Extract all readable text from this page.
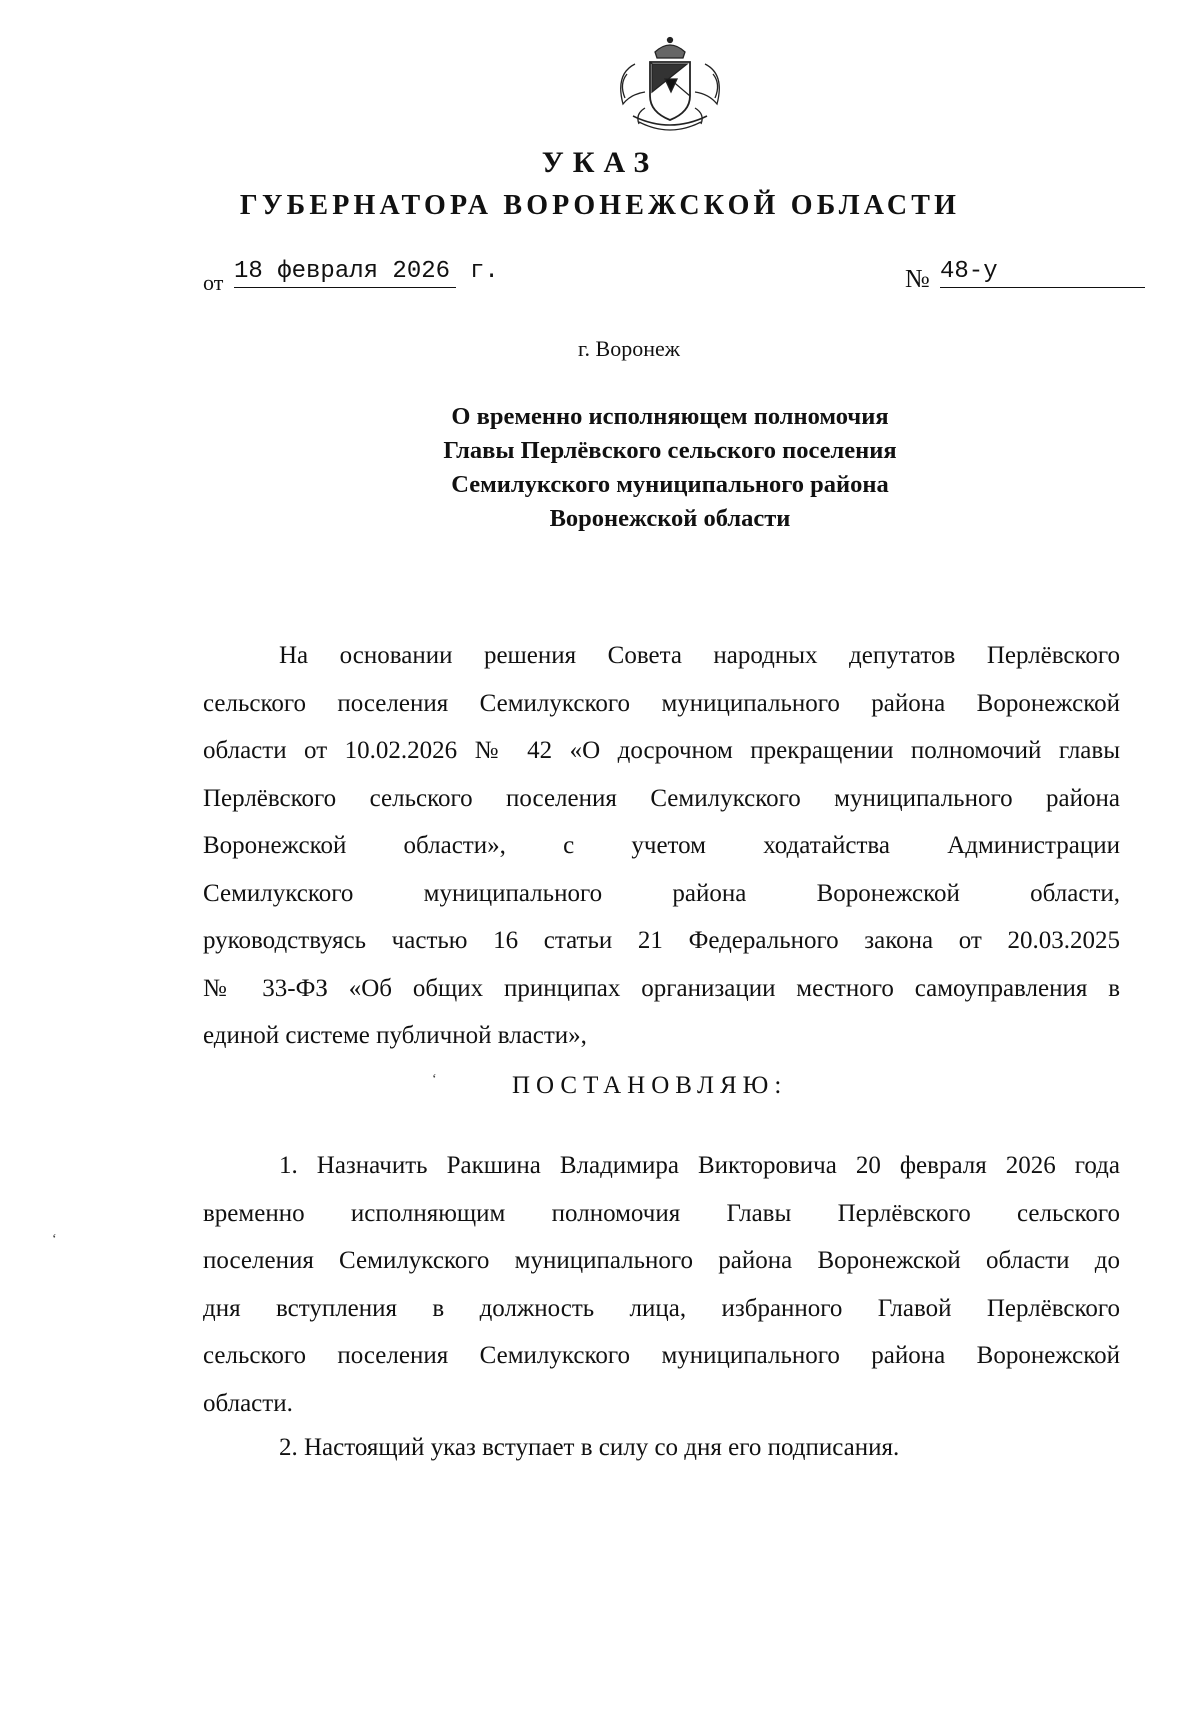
УКАЗ
ГУБЕРНАТОРА ВОРОНЕЖСКОЙ ОБЛАСТИ
от 18 февраля 2026 г.	№ 48-у
г. Воронеж
О временно исполняющем полномочия
Главы Перлёвского сельского поселения
Семилукского муниципального района
Воронежской области
На основании решения Совета народных депутатов Перлёвского
сельского поселения Семилукского муниципального района Воронежской
области от 10.02.2026 № 42 «О досрочном прекращении полномочий главы
Перлёвского сельского поселения Семилукского муниципального района
Воронежской области», с учетом ходатайства Администрации
Семилукского муниципального района Воронежской области,
руководствуясь частью 16 статьи 21 Федерального закона от 20.03.2025
№ 33-ФЗ «Об общих принципах организации местного самоуправления в
единой системе публичной власти»,
ʻ	ПОСТАНОВЛЯЮ:
‘
1. Назначить Ракшина Владимира Викторовича 20 февраля 2026 года
временно исполняющим полномочия Главы Перлёвского сельского
поселения Семилукского муниципального района Воронежской области до
дня вступления в должность лица, избранного Главой Перлёвского
сельского поселения Семилукского муниципального района Воронежской
области.
2. Настоящий указ вступает в силу со дня его подписания.
